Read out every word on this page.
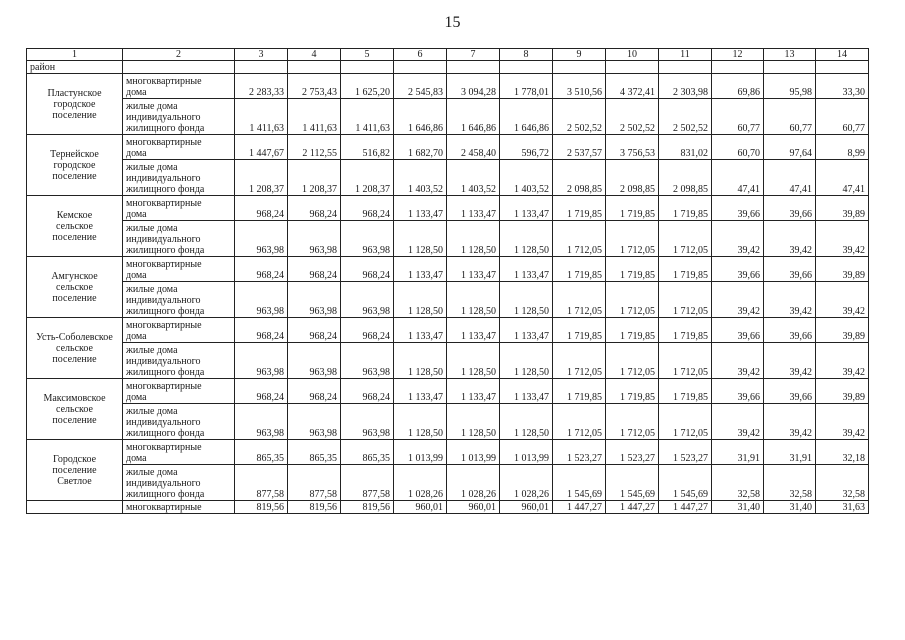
15
1	2	3	4	5	6	7	8	9	10	11	12	13	14
район													
Пластунское
городское
поселение	многоквартирные
дома	2 283,33	2 753,43	1 625,20	2 545,83	3 094,28	1 778,01	3 510,56	4 372,41	2 303,98	69,86	95,98	33,30
	жилые дома
индивидуального
жилищного фонда	1 411,63	1 411,63	1 411,63	1 646,86	1 646,86	1 646,86	2 502,52	2 502,52	2 502,52	60,77	60,77	60,77
Тернейское
городское
поселение	многоквартирные
дома	1 447,67	2 112,55	516,82	1 682,70	2 458,40	596,72	2 537,57	3 756,53	831,02	60,70	97,64	8,99
	жилые дома
индивидуального
жилищного фонда	1 208,37	1 208,37	1 208,37	1 403,52	1 403,52	1 403,52	2 098,85	2 098,85	2 098,85	47,41	47,41	47,41
Кемское
сельское
поселение	многоквартирные
дома	968,24	968,24	968,24	1 133,47	1 133,47	1 133,47	1 719,85	1 719,85	1 719,85	39,66	39,66	39,89
	жилые дома
индивидуального
жилищного фонда	963,98	963,98	963,98	1 128,50	1 128,50	1 128,50	1 712,05	1 712,05	1 712,05	39,42	39,42	39,42
Амгунское
сельское
поселение	многоквартирные
дома	968,24	968,24	968,24	1 133,47	1 133,47	1 133,47	1 719,85	1 719,85	1 719,85	39,66	39,66	39,89
	жилые дома
индивидуального
жилищного фонда	963,98	963,98	963,98	1 128,50	1 128,50	1 128,50	1 712,05	1 712,05	1 712,05	39,42	39,42	39,42
Усть-Соболевское
сельское
поселение	многоквартирные
дома	968,24	968,24	968,24	1 133,47	1 133,47	1 133,47	1 719,85	1 719,85	1 719,85	39,66	39,66	39,89
	жилые дома
индивидуального
жилищного фонда	963,98	963,98	963,98	1 128,50	1 128,50	1 128,50	1 712,05	1 712,05	1 712,05	39,42	39,42	39,42
Максимовское
сельское
поселение	многоквартирные
дома	968,24	968,24	968,24	1 133,47	1 133,47	1 133,47	1 719,85	1 719,85	1 719,85	39,66	39,66	39,89
	жилые дома
индивидуального
жилищного фонда	963,98	963,98	963,98	1 128,50	1 128,50	1 128,50	1 712,05	1 712,05	1 712,05	39,42	39,42	39,42
Городское
поселение
Светлое	многоквартирные
дома	865,35	865,35	865,35	1 013,99	1 013,99	1 013,99	1 523,27	1 523,27	1 523,27	31,91	31,91	32,18
	жилые дома
индивидуального
жилищного фонда	877,58	877,58	877,58	1 028,26	1 028,26	1 028,26	1 545,69	1 545,69	1 545,69	32,58	32,58	32,58
	многоквартирные	819,56	819,56	819,56	960,01	960,01	960,01	1 447,27	1 447,27	1 447,27	31,40	31,40	31,63
